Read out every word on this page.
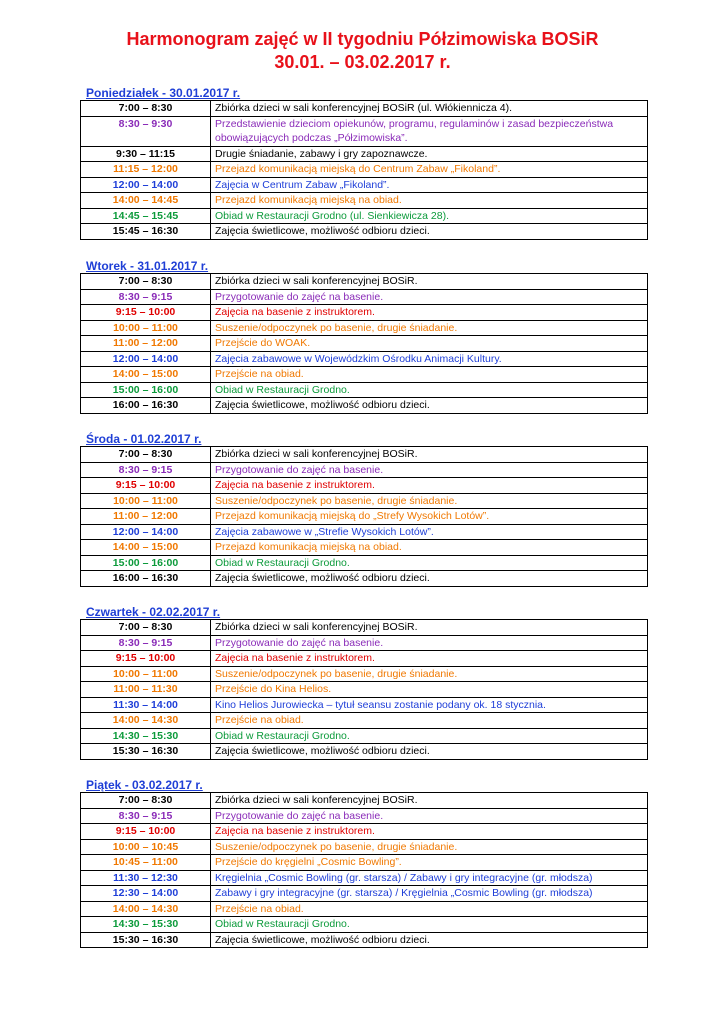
Harmonogram zajęć w II tygodniu Półzimowiska BOSiR
30.01. – 03.02.2017 r.
Poniedziałek - 30.01.2017 r.
7:00 – 8:30	Zbiórka dzieci w sali konferencyjnej BOSiR (ul. Włókiennicza 4).
8:30 – 9:30	Przedstawienie dzieciom opiekunów, programu, regulaminów i zasad bezpieczeństwa obowiązujących podczas „Półzimowiska”.
9:30 – 11:15	Drugie śniadanie, zabawy i gry zapoznawcze.
11:15 – 12:00	Przejazd komunikacją miejską do Centrum Zabaw „Fikoland”.
12:00 – 14:00	Zajęcia w Centrum Zabaw „Fikoland”.
14:00 – 14:45	Przejazd komunikacją miejską na obiad.
14:45 – 15:45	Obiad w Restauracji Grodno (ul. Sienkiewicza 28).
15:45 – 16:30	Zajęcia świetlicowe, możliwość odbioru dzieci.
Wtorek - 31.01.2017 r.
7:00 – 8:30	Zbiórka dzieci w sali konferencyjnej BOSiR.
8:30 – 9:15	Przygotowanie do zajęć na basenie.
9:15 – 10:00	Zajęcia na basenie z instruktorem.
10:00 – 11:00	Suszenie/odpoczynek po basenie, drugie śniadanie.
11:00 – 12:00	Przejście do WOAK.
12:00 – 14:00	Zajęcia zabawowe w Wojewódzkim Ośrodku Animacji Kultury.
14:00 – 15:00	Przejście na obiad.
15:00 – 16:00	Obiad w Restauracji Grodno.
16:00 – 16:30	Zajęcia świetlicowe, możliwość odbioru dzieci.
Środa - 01.02.2017 r.
7:00 – 8:30	Zbiórka dzieci w sali konferencyjnej BOSiR.
8:30 – 9:15	Przygotowanie do zajęć na basenie.
9:15 – 10:00	Zajęcia na basenie z instruktorem.
10:00 – 11:00	Suszenie/odpoczynek po basenie, drugie śniadanie.
11:00 – 12:00	Przejazd komunikacją miejską do „Strefy Wysokich Lotów”.
12:00 – 14:00	Zajęcia zabawowe w „Strefie Wysokich Lotów”.
14:00 – 15:00	Przejazd komunikacją miejską na obiad.
15:00 – 16:00	Obiad w Restauracji Grodno.
16:00 – 16:30	Zajęcia świetlicowe, możliwość odbioru dzieci.
Czwartek - 02.02.2017 r.
7:00 – 8:30	Zbiórka dzieci w sali konferencyjnej BOSiR.
8:30 – 9:15	Przygotowanie do zajęć na basenie.
9:15 – 10:00	Zajęcia na basenie z instruktorem.
10:00 – 11:00	Suszenie/odpoczynek po basenie, drugie śniadanie.
11:00 – 11:30	Przejście do Kina Helios.
11:30 – 14:00	Kino Helios Jurowiecka – tytuł seansu zostanie podany ok. 18 stycznia.
14:00 – 14:30	Przejście na obiad.
14:30 – 15:30	Obiad w Restauracji Grodno.
15:30 – 16:30	Zajęcia świetlicowe, możliwość odbioru dzieci.
Piątek - 03.02.2017 r.
7:00 – 8:30	Zbiórka dzieci w sali konferencyjnej BOSiR.
8:30 – 9:15	Przygotowanie do zajęć na basenie.
9:15 – 10:00	Zajęcia na basenie z instruktorem.
10:00 – 10:45	Suszenie/odpoczynek po basenie, drugie śniadanie.
10:45 – 11:00	Przejście do kręgielni „Cosmic Bowling”.
11:30 – 12:30	Kręgielnia „Cosmic Bowling (gr. starsza) / Zabawy i gry integracyjne (gr. młodsza)
12:30 – 14:00	Zabawy i gry integracyjne (gr. starsza) / Kręgielnia „Cosmic Bowling (gr. młodsza)
14:00 – 14:30	Przejście na obiad.
14:30 – 15:30	Obiad w Restauracji Grodno.
15:30 – 16:30	Zajęcia świetlicowe, możliwość odbioru dzieci.
